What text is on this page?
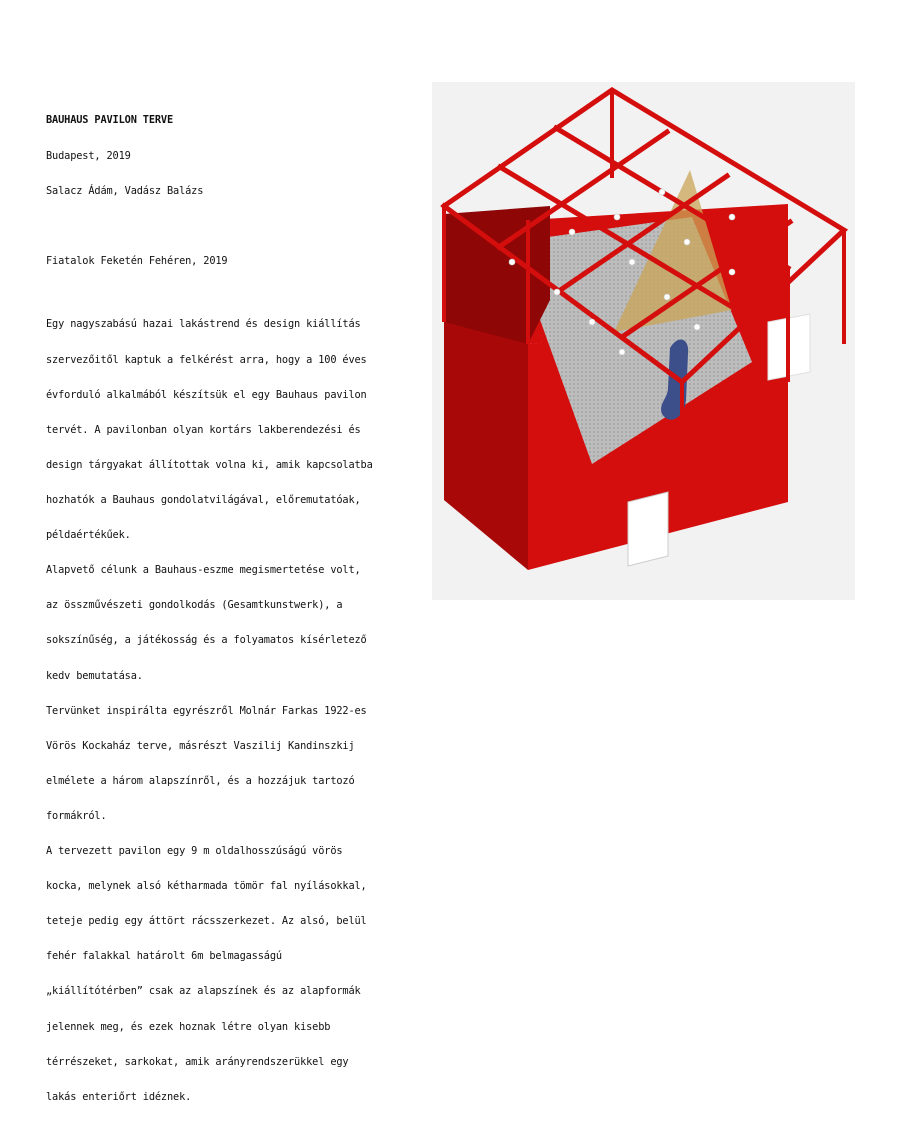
BAUHAUS PAVILON TERVE

Budapest, 2019

Salacz Ádám, Vadász Balázs

Fiatalok Feketén Fehéren, 2019

Egy nagyszabású hazai lakástrend és design kiállítás

szervezőitől kaptuk a felkérést arra, hogy a 100 éves

évforduló alkalmából készítsük el egy Bauhaus pavilon

tervét. A pavilonban olyan kortárs lakberendezési és

design tárgyakat állítottak volna ki, amik kapcsolatba

hozhatók a Bauhaus gondolatvilágával, előremutatóak,

példaértékűek.

Alapvető célunk a Bauhaus-eszme megismertetése volt,

az összművészeti gondolkodás (Gesamtkunstwerk), a

sokszínűség, a játékosság és a folyamatos kísérletező

kedv bemutatása.

Tervünket inspirálta egyrészről Molnár Farkas 1922-es

Vörös Kockaház terve, másrészt Vaszilij Kandinszkij

elmélete a három alapszínről, és a hozzájuk tartozó

formákról.

A tervezett pavilon egy 9 m oldalhosszúságú vörös

kocka, melynek alsó kétharmada tömör fal nyílásokkal,

teteje pedig egy áttört rácsszerkezet. Az alsó, belül

fehér falakkal határolt 6m belmagasságú

„kiállítótérben” csak az alapszínek és az alapformák

jelennek meg, és ezek hoznak létre olyan kisebb

térrészeket, sarkokat, amik arányrendszerükkel egy

lakás enteriőrt idéznek.
